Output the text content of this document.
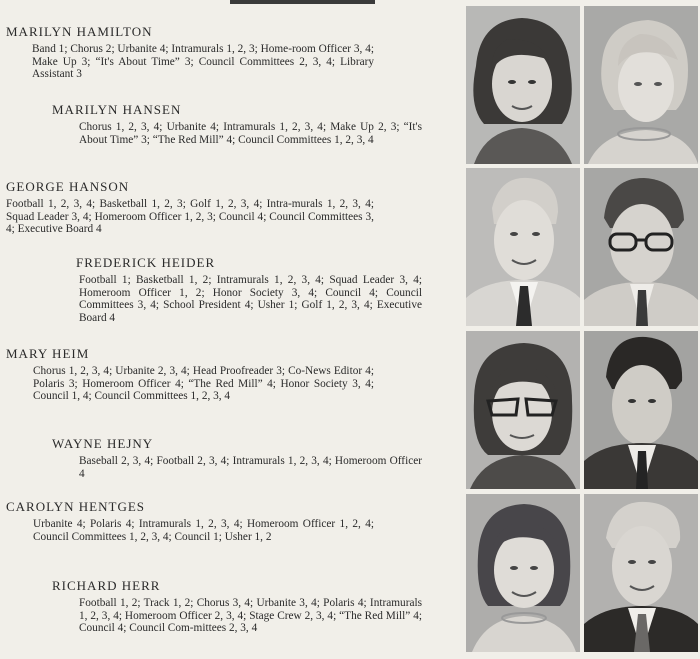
MARILYN HAMILTON
Band 1; Chorus 2; Urbanite 4; Intramurals 1, 2, 3; Home-room Officer 3, 4; Make Up 3; “It's About Time” 3; Council Committees 2, 3, 4; Library Assistant 3
MARILYN HANSEN
Chorus 1, 2, 3, 4; Urbanite 4; Intramurals 1, 2, 3, 4; Make Up 2, 3; “It's About Time” 3; “The Red Mill” 4; Council Committees 1, 2, 3, 4
GEORGE HANSON
Football 1, 2, 3, 4; Basketball 1, 2, 3; Golf 1, 2, 3, 4; Intra-murals 1, 2, 3, 4; Squad Leader 3, 4; Homeroom Officer 1, 2, 3; Council 4; Council Committees 3, 4; Executive Board 4
FREDERICK HEIDER
Football 1; Basketball 1, 2; Intramurals 1, 2, 3, 4; Squad Leader 3, 4; Homeroom Officer 1, 2; Honor Society 3, 4; Council 4; Council Committees 3, 4; School President 4; Usher 1; Golf 1, 2, 3, 4; Executive Board 4
MARY HEIM
Chorus 1, 2, 3, 4; Urbanite 2, 3, 4; Head Proofreader 3; Co-News Editor 4; Polaris 3; Homeroom Officer 4; “The Red Mill” 4; Honor Society 3, 4; Council 1, 4; Council Committees 1, 2, 3, 4
WAYNE HEJNY
Baseball 2, 3, 4; Football 2, 3, 4; Intramurals 1, 2, 3, 4; Homeroom Officer 4
CAROLYN HENTGES
Urbanite 4; Polaris 4; Intramurals 1, 2, 3, 4; Homeroom Officer 1, 2, 4; Council Committees 1, 2, 3, 4; Council 1; Usher 1, 2
RICHARD HERR
Football 1, 2; Track 1, 2; Chorus 3, 4; Urbanite 3, 4; Polaris 4; Intramurals 1, 2, 3, 4; Homeroom Officer 2, 3, 4; Stage Crew 2, 3, 4; “The Red Mill” 4; Council 4; Council Com-mittees 2, 3, 4
